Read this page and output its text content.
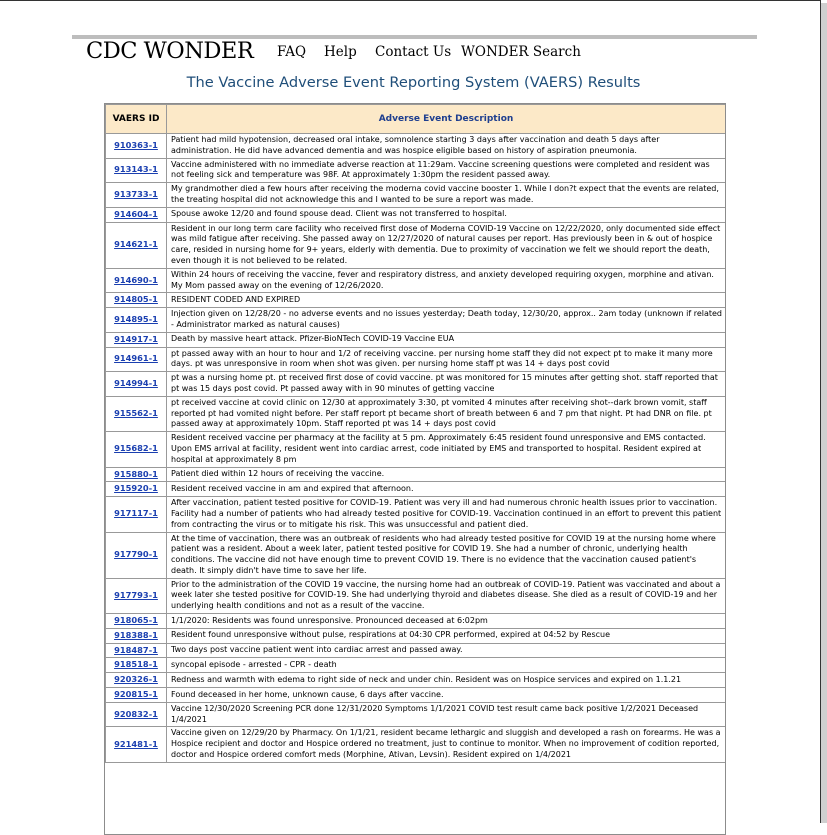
CDC WONDER FAQ Help Contact Us WONDER Search
The Vaccine Adverse Event Reporting System (VAERS) Results
VAERS ID	Adverse Event Description
910363-1	Patient had mild hypotension, decreased oral intake, somnolence starting 3 days after vaccination and death 5 days after administration. He did have advanced dementia and was hospice eligible based on history of aspiration pneumonia.
913143-1	Vaccine administered with no immediate adverse reaction at 11:29am. Vaccine screening questions were completed and resident was not feeling sick and temperature was 98F. At approximately 1:30pm the resident passed away.
913733-1	My grandmother died a few hours after receiving the moderna covid vaccine booster 1. While I don?t expect that the events are related, the treating hospital did not acknowledge this and I wanted to be sure a report was made.
914604-1	Spouse awoke 12/20 and found spouse dead. Client was not transferred to hospital.
914621-1	Resident in our long term care facility who received first dose of Moderna COVID-19 Vaccine on 12/22/2020, only documented side effect was mild fatigue after receiving. She passed away on 12/27/2020 of natural causes per report. Has previously been in & out of hospice care, resided in nursing home for 9+ years, elderly with dementia. Due to proximity of vaccination we felt we should report the death, even though it is not believed to be related.
914690-1	Within 24 hours of receiving the vaccine, fever and respiratory distress, and anxiety developed requiring oxygen, morphine and ativan. My Mom passed away on the evening of 12/26/2020.
914805-1	RESIDENT CODED AND EXPIRED
914895-1	Injection given on 12/28/20 - no adverse events and no issues yesterday; Death today, 12/30/20, approx.. 2am today (unknown if related - Administrator marked as natural causes)
914917-1	Death by massive heart attack. Pfizer-BioNTech COVID-19 Vaccine EUA
914961-1	pt passed away with an hour to hour and 1/2 of receiving vaccine. per nursing home staff they did not expect pt to make it many more days. pt was unresponsive in room when shot was given. per nursing home staff pt was 14 + days post covid
914994-1	pt was a nursing home pt. pt received first dose of covid vaccine. pt was monitored for 15 minutes after getting shot. staff reported that pt was 15 days post covid. Pt passed away with in 90 minutes of getting vaccine
915562-1	pt received vaccine at covid clinic on 12/30 at approximately 3:30, pt vomited 4 minutes after receiving shot--dark brown vomit, staff reported pt had vomited night before. Per staff report pt became short of breath between 6 and 7 pm that night. Pt had DNR on file. pt passed away at approximately 10pm. Staff reported pt was 14 + days post covid
915682-1	Resident received vaccine per pharmacy at the facility at 5 pm. Approximately 6:45 resident found unresponsive and EMS contacted. Upon EMS arrival at facility, resident went into cardiac arrest, code initiated by EMS and transported to hospital. Resident expired at hospital at approximately 8 pm
915880-1	Patient died within 12 hours of receiving the vaccine.
915920-1	Resident received vaccine in am and expired that afternoon.
917117-1	After vaccination, patient tested positive for COVID-19. Patient was very ill and had numerous chronic health issues prior to vaccination. Facility had a number of patients who had already tested positive for COVID-19. Vaccination continued in an effort to prevent this patient from contracting the virus or to mitigate his risk. This was unsuccessful and patient died.
917790-1	At the time of vaccination, there was an outbreak of residents who had already tested positive for COVID 19 at the nursing home where patient was a resident. About a week later, patient tested positive for COVID 19. She had a number of chronic, underlying health conditions. The vaccine did not have enough time to prevent COVID 19. There is no evidence that the vaccination caused patient's death. It simply didn't have time to save her life.
917793-1	Prior to the administration of the COVID 19 vaccine, the nursing home had an outbreak of COVID-19. Patient was vaccinated and about a week later she tested positive for COVID-19. She had underlying thyroid and diabetes disease. She died as a result of COVID-19 and her underlying health conditions and not as a result of the vaccine.
918065-1	1/1/2020: Residents was found unresponsive. Pronounced deceased at 6:02pm
918388-1	Resident found unresponsive without pulse, respirations at 04:30 CPR performed, expired at 04:52 by Rescue
918487-1	Two days post vaccine patient went into cardiac arrest and passed away.
918518-1	syncopal episode - arrested - CPR - death
920326-1	Redness and warmth with edema to right side of neck and under chin. Resident was on Hospice services and expired on 1.1.21
920815-1	Found deceased in her home, unknown cause, 6 days after vaccine.
920832-1	Vaccine 12/30/2020 Screening PCR done 12/31/2020 Symptoms 1/1/2021 COVID test result came back positive 1/2/2021 Deceased 1/4/2021
921481-1	Vaccine given on 12/29/20 by Pharmacy. On 1/1/21, resident became lethargic and sluggish and developed a rash on forearms. He was a Hospice recipient and doctor and Hospice ordered no treatment, just to continue to monitor. When no improvement of codition reported, doctor and Hospice ordered comfort meds (Morphine, Ativan, Levsin). Resident expired on 1/4/2021
